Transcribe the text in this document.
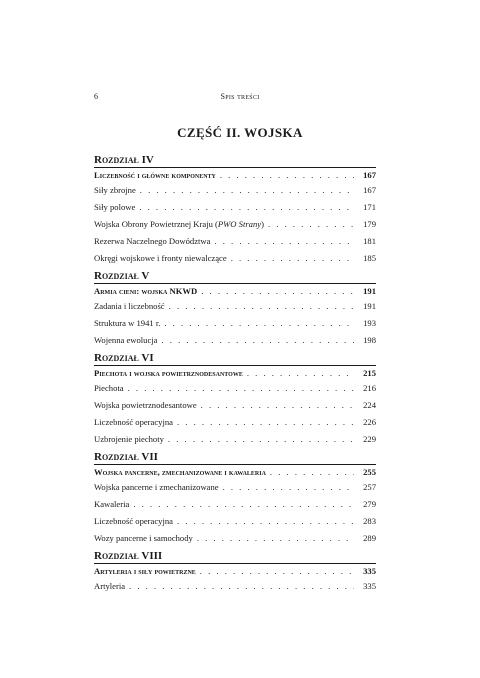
6	Spis treści
CZĘŚĆ II. WOJSKA
Rozdział IV
Liczebność i główne komponenty . . .	167
Siły zbrojne . . .	167
Siły polowe . . .	171
Wojska Obrony Powietrznej Kraju (PWO Strany) . . .	179
Rezerwa Naczelnego Dowództwa . . .	181
Okręgi wojskowe i fronty niewalczące . . .	185
Rozdział V
Armia cieni: wojska NKWD . . .	191
Zadania i liczebność . . .	191
Struktura w 1941 r. . . .	193
Wojenna ewolucja . . .	198
Rozdział VI
Piechota i wojska powietrznodesantowe . . .	215
Piechota . . .	216
Wojska powietrznodesantowe . . .	224
Liczebność operacyjna . . .	226
Uzbrojenie piechoty . . .	229
Rozdział VII
Wojska pancerne, zmechanizowane i kawaleria . . .	255
Wojska pancerne i zmechanizowane . . .	257
Kawaleria . . .	279
Liczebność operacyjna . . .	283
Wozy pancerne i samochody . . .	289
Rozdział VIII
Artyleria i siły powietrzne . . .	335
Artyleria . . .	335
